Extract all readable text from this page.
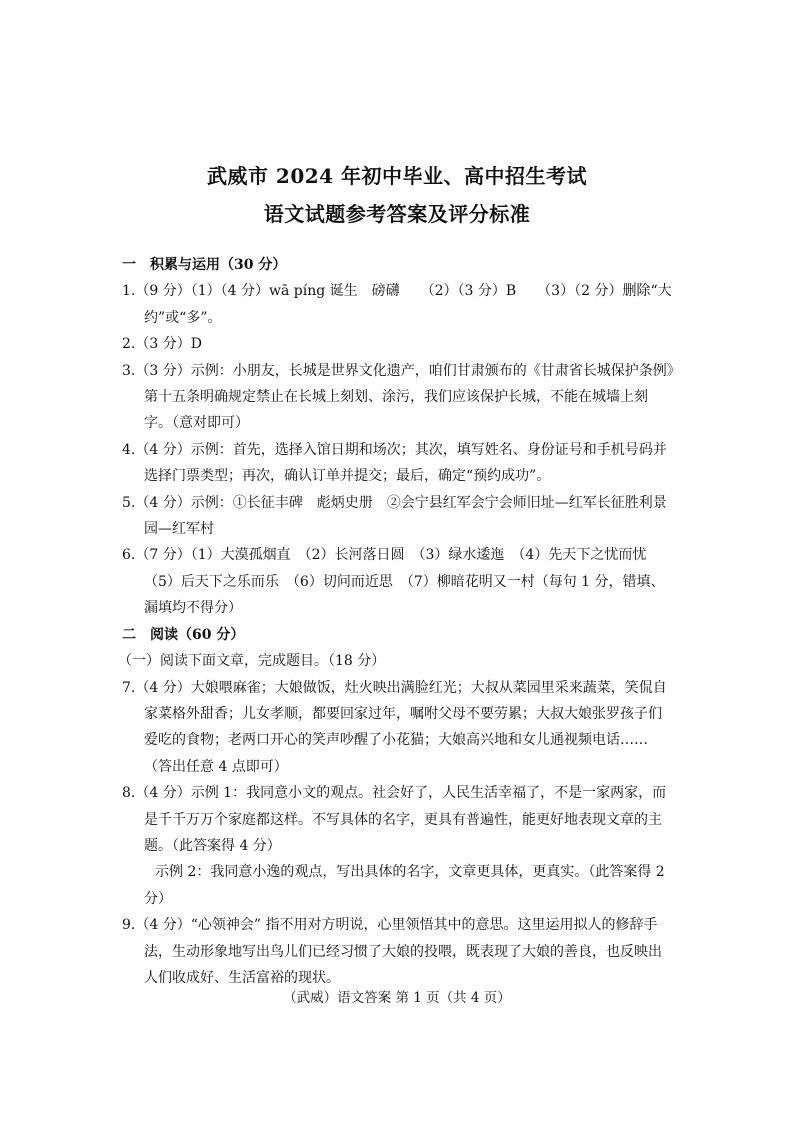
武威市 2024 年初中毕业、高中招生考试
语文试题参考答案及评分标准

一　积累与运用（30 分）

1.（9 分）（1）（4 分）wā píng 诞生　磅礴　　（2）（3 分）B　　（3）（2 分）删除“大约”或“多”。

2.（3 分）D

3.（3 分）示例：小朋友，长城是世界文化遗产，咱们甘肃颁布的《甘肃省长城保护条例》第十五条明确规定禁止在长城上刻划、涂污，我们应该保护长城，不能在城墙上刻字。（意对即可）

4.（4 分）示例：首先，选择入馆日期和场次；其次，填写姓名、身份证号和手机号码并选择门票类型；再次，确认订单并提交；最后，确定“预约成功”。

5.（4 分）示例：①长征丰碑　彪炳史册　②会宁县红军会宁会师旧址—红军长征胜利景园—红军村

6.（7 分）（1）大漠孤烟直　（2）长河落日圆　（3）绿水逶迤　（4）先天下之忧而忧　（5）后天下之乐而乐　（6）切问而近思　（7）柳暗花明又一村（每句 1 分，错填、漏填均不得分）

二　阅读（60 分）

（一）阅读下面文章，完成题目。（18 分）

7.（4 分）大娘喂麻雀；大娘做饭，灶火映出满脸红光；大叔从菜园里采来蔬菜，笑侃自家菜格外甜香；儿女孝顺，都要回家过年，嘱咐父母不要劳累；大叔大娘张罗孩子们爱吃的食物；老两口开心的笑声吵醒了小花猫；大娘高兴地和女儿通视频电话……（答出任意 4 点即可）

8.（4 分）示例 1：我同意小文的观点。社会好了，人民生活幸福了，不是一家两家，而是千千万万个家庭都这样。不写具体的名字，更具有普遍性，能更好地表现文章的主题。（此答案得 4 分）

示例 2：我同意小逸的观点，写出具体的名字，文章更具体，更真实。（此答案得 2 分）

9.（4 分）“心领神会” 指不用对方明说，心里领悟其中的意思。这里运用拟人的修辞手法，生动形象地写出鸟儿们已经习惯了大娘的投喂，既表现了大娘的善良，也反映出人们收成好、生活富裕的现状。

（武威）语文答案 第 1 页（共 4 页）
